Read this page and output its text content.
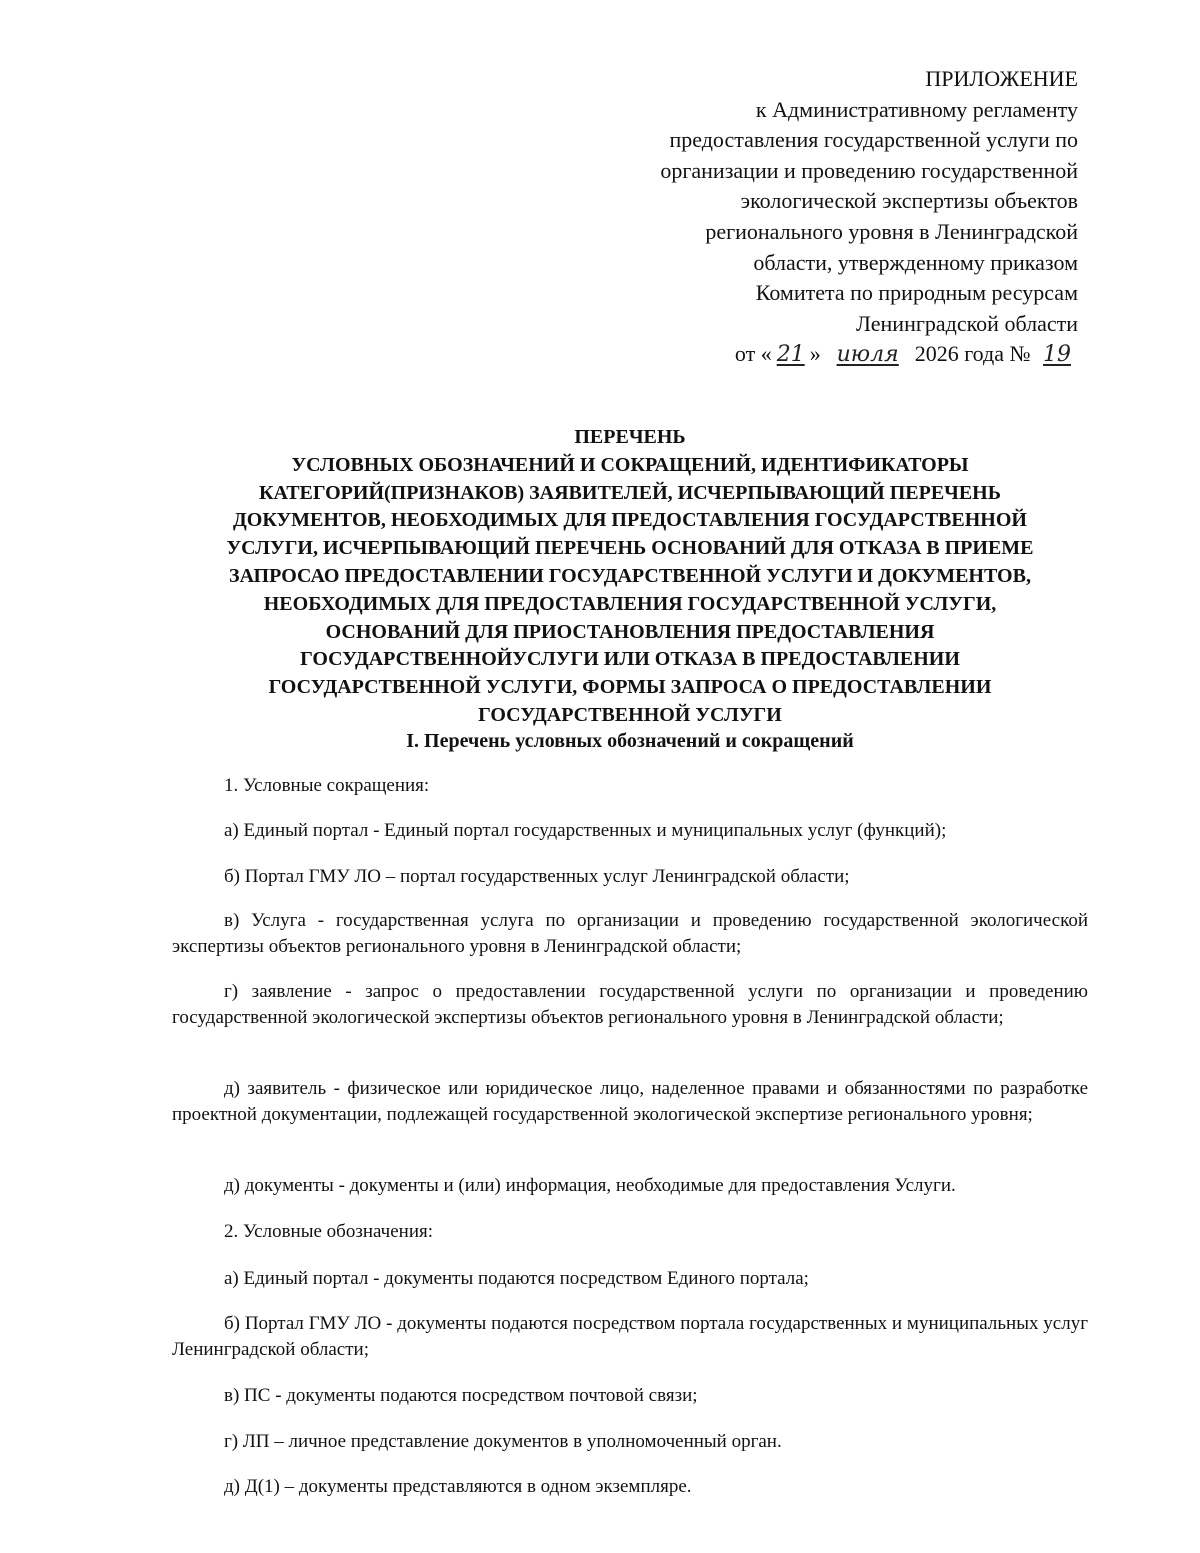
ПРИЛОЖЕНИЕ
к Административному регламенту
предоставления государственной услуги по
организации и проведению государственной
экологической экспертизы объектов
регионального уровня в Ленинградской
области, утвержденному приказом
Комитета по природным ресурсам
Ленинградской области
от « 21 » июля 2026 года № 19
ПЕРЕЧЕНЬ
УСЛОВНЫХ ОБОЗНАЧЕНИЙ И СОКРАЩЕНИЙ, ИДЕНТИФИКАТОРЫ
КАТЕГОРИЙ(ПРИЗНАКОВ) ЗАЯВИТЕЛЕЙ, ИСЧЕРПЫВАЮЩИЙ ПЕРЕЧЕНЬ
ДОКУМЕНТОВ, НЕОБХОДИМЫХ ДЛЯ ПРЕДОСТАВЛЕНИЯ ГОСУДАРСТВЕННОЙ
УСЛУГИ, ИСЧЕРПЫВАЮЩИЙ ПЕРЕЧЕНЬ ОСНОВАНИЙ ДЛЯ ОТКАЗА В ПРИЕМЕ
ЗАПРОСАО ПРЕДОСТАВЛЕНИИ ГОСУДАРСТВЕННОЙ УСЛУГИ И ДОКУМЕНТОВ,
НЕОБХОДИМЫХ ДЛЯ ПРЕДОСТАВЛЕНИЯ ГОСУДАРСТВЕННОЙ УСЛУГИ,
ОСНОВАНИЙ ДЛЯ ПРИОСТАНОВЛЕНИЯ ПРЕДОСТАВЛЕНИЯ
ГОСУДАРСТВЕННОЙУСЛУГИ ИЛИ ОТКАЗА В ПРЕДОСТАВЛЕНИИ
ГОСУДАРСТВЕННОЙ УСЛУГИ, ФОРМЫ ЗАПРОСА О ПРЕДОСТАВЛЕНИИ
ГОСУДАРСТВЕННОЙ УСЛУГИ
I. Перечень условных обозначений и сокращений
1. Условные сокращения:
а) Единый портал - Единый портал государственных и муниципальных услуг (функций);
б) Портал ГМУ ЛО – портал государственных услуг Ленинградской области;
в) Услуга - государственная услуга по организации и проведению государственной экологической экспертизы объектов регионального уровня в Ленинградской области;
г) заявление - запрос о предоставлении государственной услуги по организации и проведению государственной экологической экспертизы объектов регионального уровня в Ленинградской области;
д) заявитель - физическое или юридическое лицо, наделенное правами и обязанностями по разработке проектной документации, подлежащей государственной экологической экспертизе регионального уровня;
д) документы - документы и (или) информация, необходимые для предоставления Услуги.
2. Условные обозначения:
а) Единый портал - документы подаются посредством Единого портала;
б) Портал ГМУ ЛО - документы подаются посредством портала государственных и муниципальных услуг Ленинградской области;
в) ПС - документы подаются посредством почтовой связи;
г) ЛП – личное представление документов в уполномоченный орган.
д) Д(1) – документы представляются в одном экземпляре.
